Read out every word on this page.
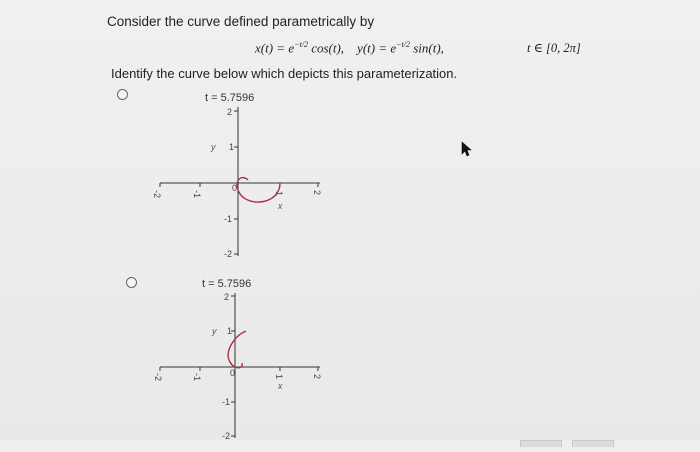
Consider the curve defined parametrically by
$x(t) = e^{-t/2}$ cos(t), $y(t) = e^{-t/2}$ sin(t),	t ∈ [0, 2π]
Identify the curve below which depicts this parameterization.
t = 5.7596
2
1
-1
-2
y
-2	-1	1	2
x
0
t = 5.7596
2
1
-1
-2
y
-2	-1	1	2
x
0
